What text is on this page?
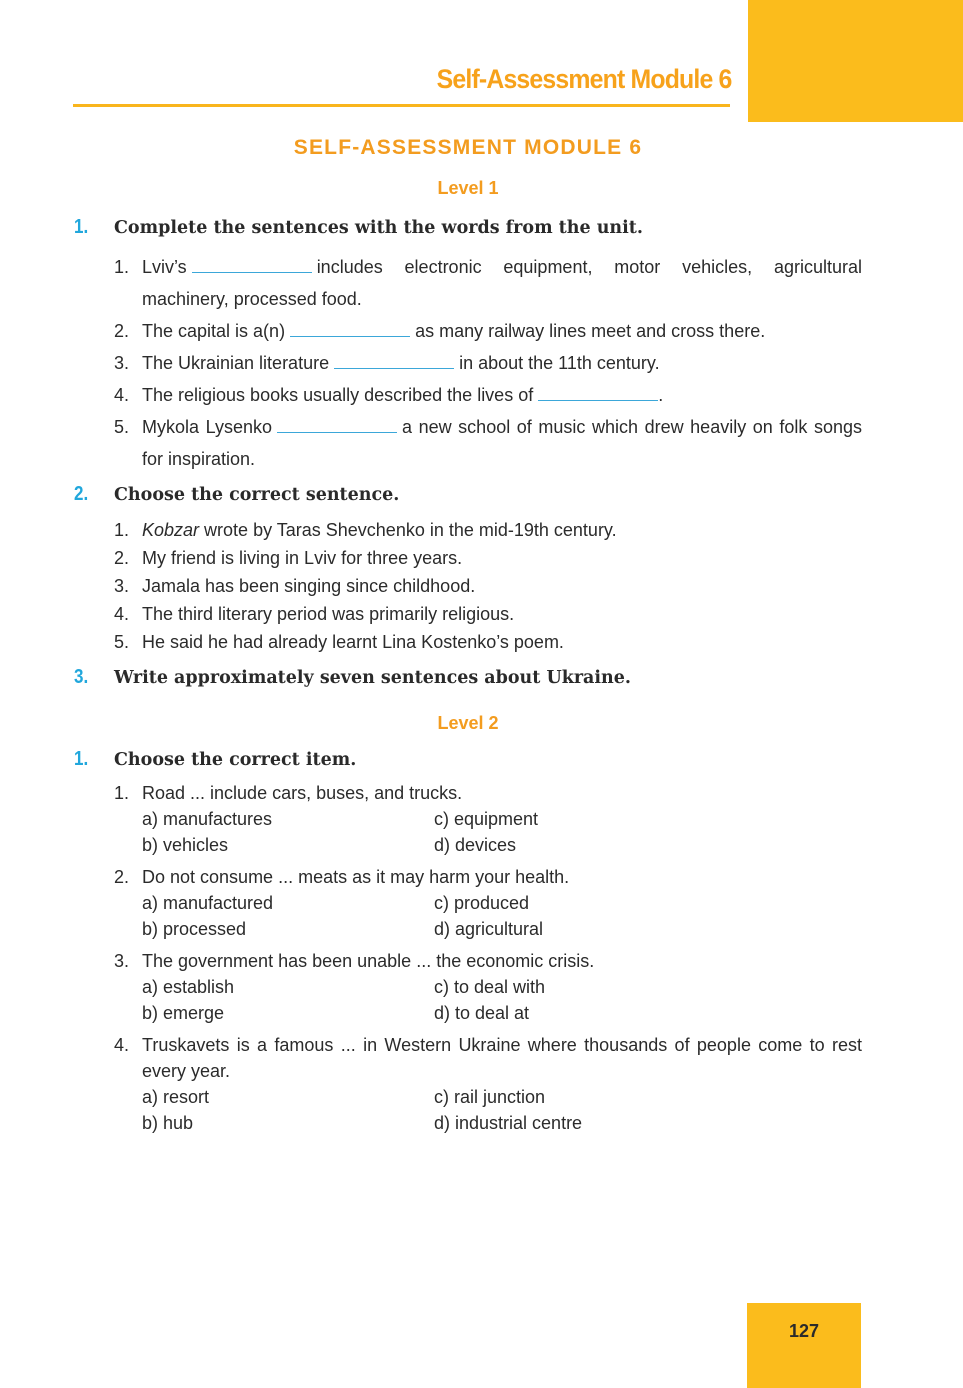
Self-Assessment Module 6
SELF-ASSESSMENT MODULE 6
Level 1
1. Complete the sentences with the words from the unit.
1. Lviv’s	includes electronic equipment, motor vehicles, agricultural machinery, processed food.
2. The capital is a(n)	as many railway lines meet and cross there.
3. The Ukrainian literature	in about the 11th century.
4. The religious books usually described the lives of	.
5. Mykola Lysenko	a new school of music which drew heavily on folk songs for inspiration.
2. Choose the correct sentence.
1. Kobzar wrote by Taras Shevchenko in the mid-19th century.
2. My friend is living in Lviv for three years.
3. Jamala has been singing since childhood.
4. The third literary period was primarily religious.
5. He said he had already learnt Lina Kostenko’s poem.
3. Write approximately seven sentences about Ukraine.
Level 2
1. Choose the correct item.
1. Road ... include cars, buses, and trucks.
a) manufactures	c) equipment
b) vehicles	d) devices
2. Do not consume ... meats as it may harm your health.
a) manufactured	c) produced
b) processed	d) agricultural
3. The government has been unable ... the economic crisis.
a) establish	c) to deal with
b) emerge	d) to deal at
4. Truskavets is a famous ... in Western Ukraine where thousands of people come to rest every year.
a) resort	c) rail junction
b) hub	d) industrial centre
127
